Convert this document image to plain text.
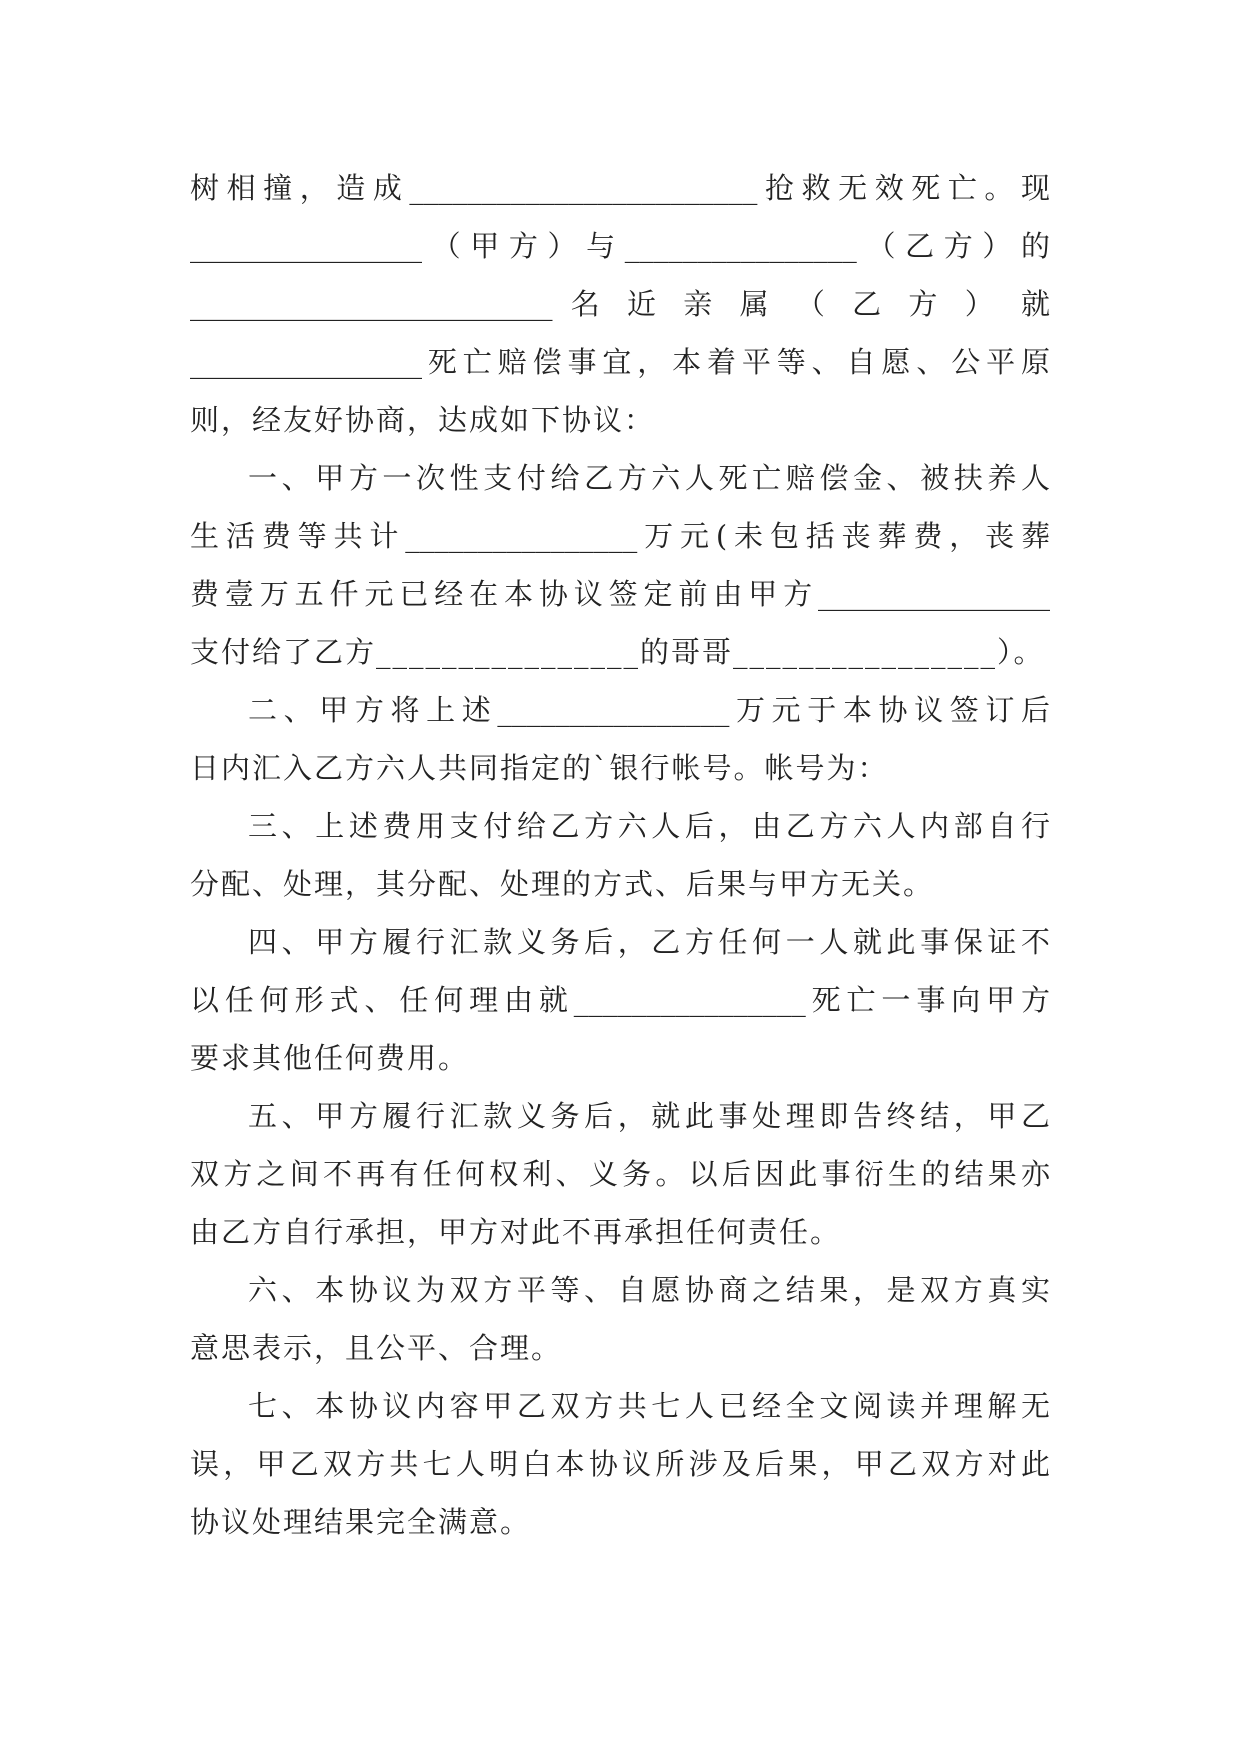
树相撞，造成________________________抢救无效死亡。现
________________（甲方）与________________（乙方）的
_________________________ 名 近 亲 属 （ 乙 方 ） 就
________________死亡赔偿事宜，本着平等、自愿、公平原
则，经友好协商，达成如下协议：
一、甲方一次性支付给乙方六人死亡赔偿金、被扶养人
生活费等共计________________万元(未包括丧葬费，丧葬
费壹万五仟元已经在本协议签定前由甲方________________
支付给了乙方________________的哥哥________________）。
二、甲方将上述________________万元于本协议签订后
日内汇入乙方六人共同指定的`银行帐号。帐号为：
三、上述费用支付给乙方六人后，由乙方六人内部自行
分配、处理，其分配、处理的方式、后果与甲方无关。
四、甲方履行汇款义务后，乙方任何一人就此事保证不
以任何形式、任何理由就________________死亡一事向甲方
要求其他任何费用。
五、甲方履行汇款义务后，就此事处理即告终结，甲乙
双方之间不再有任何权利、义务。以后因此事衍生的结果亦
由乙方自行承担，甲方对此不再承担任何责任。
六、本协议为双方平等、自愿协商之结果，是双方真实
意思表示，且公平、合理。
七、本协议内容甲乙双方共七人已经全文阅读并理解无
误，甲乙双方共七人明白本协议所涉及后果，甲乙双方对此
协议处理结果完全满意。
